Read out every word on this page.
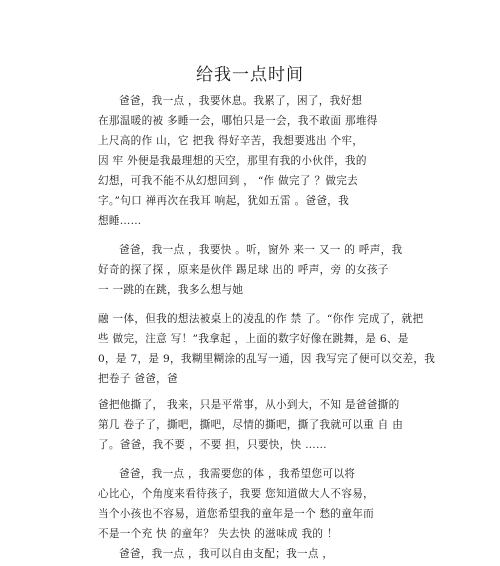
给我一点时间
爸爸，我一点 ，我要休息。我累了，困了，我好想
在那温暖的被 多睡一会，哪怕只是一会，我不敢面 那堆得
上尺高的作 山，它 把我 得好辛苦，我想要逃出 个牢，
因 牢 外便是我最理想的天空，那里有我的小伙伴，我的
幻想，可我不能不从幻想回到 ， “作 做完了 ？做完去
字。”句口 禅再次在我耳 响起，犹如五雷 。爸爸，我
想睡……
爸爸，我一点 ，我要快 。听，窗外 来一 又一 的 呼声，我
好奇的探了探 ，原来是伙伴 踢足球 出的 呼声，旁 的女孩子
一 一跳的在跳，我多么想与她
融 一体，但我的想法被桌上的凌乱的作 禁 了。“你作 完成了，就把
些 做完，注意 写！”我拿起 ，上面的数字好像在跳舞，是 6、是
0，是 7，是 9，我糊里糊涂的乱写一通，因 我写完了便可以交差，我
把卷子 爸爸，爸
爸把他撕了， 我来，只是平常事，从小到大，不知 是爸爸撕的
第几 卷子了，撕吧，撕吧，尽情的撕吧，撕了我就可以重 自 由
了。爸爸，我不要 ，不要 担，只要快，快 ……
爸爸，我一点 ，我需要您的体 ，我希望您可以将
心比心，个角度来看待孩子，我要 您知道做大人不容易，
当个小孩也不容易，道您希望我的童年是一个 愁的童年而
不是一个充 快 的童年？ 失去快 的滋味成 我的 ！
爸爸，我一点 ，我可以自由支配；我一点 ，
